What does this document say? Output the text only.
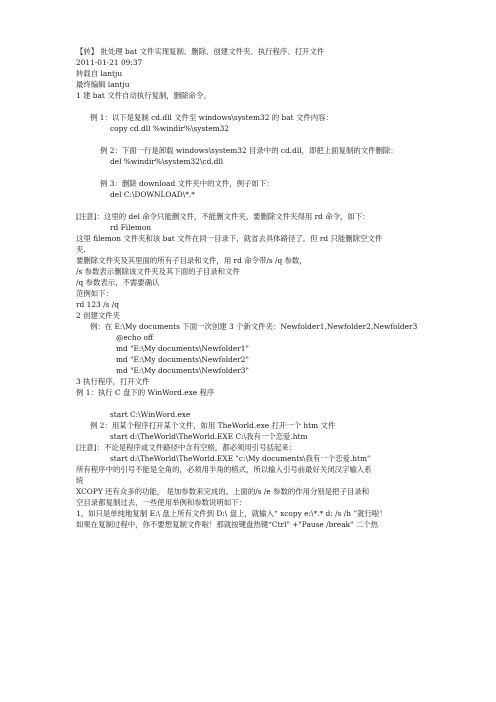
【转】 批处理 bat 文件实现复制、删除、创建文件夹、执行程序、打开文件
2011-01-21 09:37
转载自 lantju
最终编辑 lantju
1 建 bat 文件自动执行复制，删除命令。
例 1：以下是复制 cd.dll 文件至 windows\system32 的 bat 文件内容：
copy cd.dll %windir%\system32
例 2：下面一行是卸载 windows\system32 目录中的 cd.dll，即把上面复制的文件删除：
del %windir%\system32\cd.dll
例 3：删除 download 文件夹中的文件，例子如下：
del C:\DOWNLOAD\*.*
[注意]：这里的 del 命令只能删文件，不能删文件夹。要删除文件夹得用 rd 命令，如下：
rd Filemon
这里 filemon 文件夹和该 bat 文件在同一目录下，就省去具体路径了。但 rd 只能删除空文件
夹.
要删除文件夹及其里面的所有子目录和文件，用 rd 命令带/s /q 参数，
/s 参数表示删除该文件夹及其下面的子目录和文件
/q 参数表示，不需要确认
范例如下：
rd 123 /s /q
2 创建文件夹
例：在 E:\My documents 下面一次创建 3 个新文件夹：Newfolder1,Newfolder2,Newfolder3
@echo off
md "E:\My documents\Newfolder1"
md "E:\My documents\Newfolder2"
md "E:\My documents\Newfolder3"
3 执行程序，打开文件
例 1：执行 C 盘下的 WinWord.exe 程序
start C:\WinWord.exe
例 2：用某个程序打开某个文件，如用 TheWorld.exe 打开一个 htm 文件
start d:\TheWorld\TheWorld.EXE C:\我有一个恋爱.htm
[注意]：不论是程序或文件路径中含有空格，都必须用引号括起来：
start d:\TheWorld\TheWorld.EXE "c:\My documents\我有一个恋爱.htm"
所有程序中的引号不能是全角的，必须用半角的格式，所以输入引号前最好关闭汉字输入系
统
XCOPY 还有众多的功能， 是加参数来完成的。上面的/s /e 参数的作用分别是把子目录和
空目录都复制过去，一些使用举例和参数说明如下：
1、如只是单纯地复制 E:\ 盘上所有文件到 D:\ 盘上，就输入“ xcopy e:\*.* d: /s /h ”就行啦！
如果在复制过程中，你不要想复制文件啦！那就按键盘热键“Ctrl" +"Pause /break" 二个热
